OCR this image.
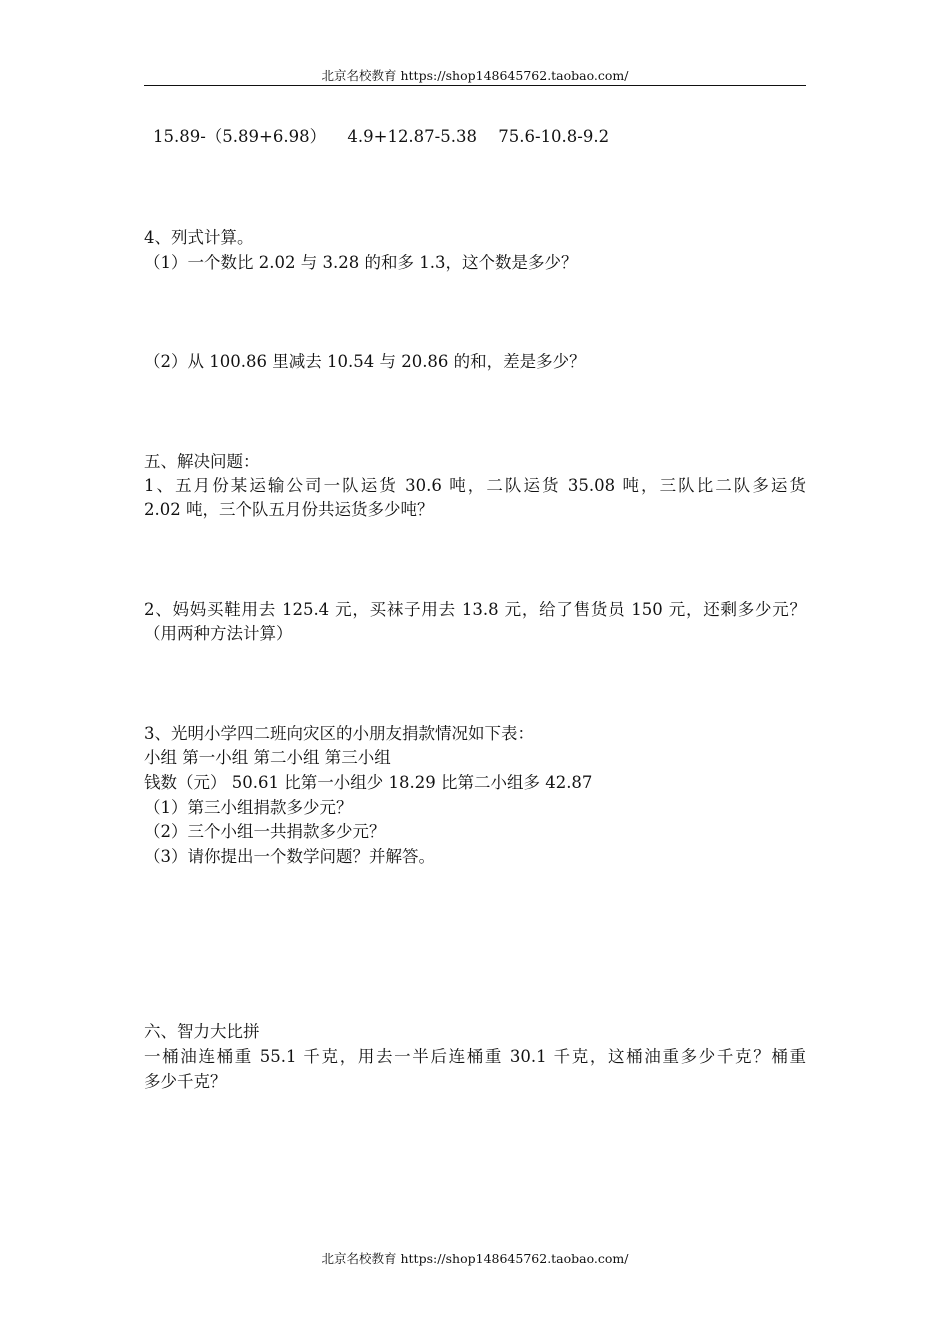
北京名校教育 https://shop148645762.taobao.com/
15.89-（5.89+6.98） 4.9+12.87-5.38 75.6-10.8-9.2
4、列式计算。
（1）一个数比 2.02 与 3.28 的和多 1.3，这个数是多少？
（2）从 100.86 里减去 10.54 与 20.86 的和，差是多少？
五、解决问题：
1、五月份某运输公司一队运货 30.6 吨，二队运货 35.08 吨，三队比二队多运货
2.02 吨，三个队五月份共运货多少吨？
2、妈妈买鞋用去 125.4 元，买袜子用去 13.8 元，给了售货员 150 元，还剩多少元？
（用两种方法计算）
3、光明小学四二班向灾区的小朋友捐款情况如下表：
小组 第一小组 第二小组 第三小组
钱数（元） 50.61 比第一小组少 18.29 比第二小组多 42.87
（1）第三小组捐款多少元？
（2）三个小组一共捐款多少元？
（3）请你提出一个数学问题？并解答。
六、智力大比拼
一桶油连桶重 55.1 千克，用去一半后连桶重 30.1 千克，这桶油重多少千克？桶重
多少千克？
北京名校教育 https://shop148645762.taobao.com/
